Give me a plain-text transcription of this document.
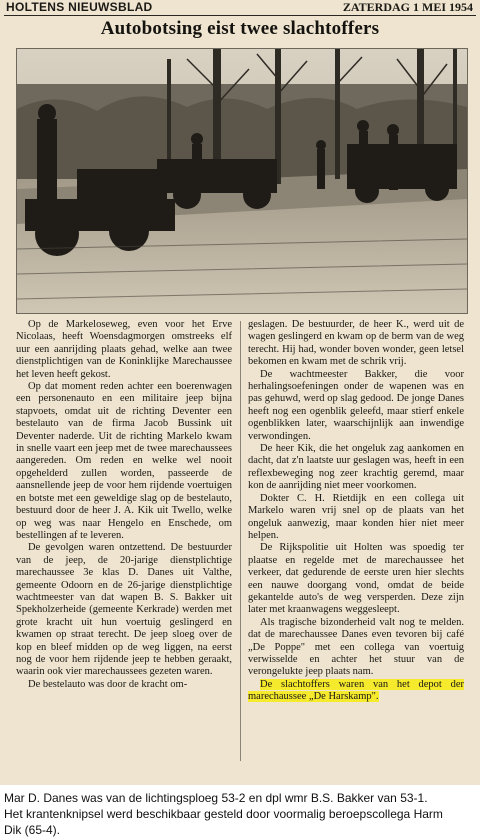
HOLTENS NIEUWSBLAD	ZATERDAG 1 MEI 1954
Autobotsing eist twee slachtoffers

Op de Markeloseweg, even voor het Erve Nicolaas, heeft Woensdagmorgen omstreeks elf uur een aanrijding plaats gehad, welke aan twee dienstplichtigen van de Koninklijke Marechaussee het leven heeft gekost.

Op dat moment reden achter een boerenwagen een personenauto en een militaire jeep bijna stapvoets, omdat uit de richting Deventer een bestelauto van de firma Jacob Bussink uit Deventer naderde. Uit de richting Markelo kwam in snelle vaart een jeep met de twee marechaussees aangereden. Om reden en welke wel nooit opgehelderd zullen worden, passeerde de aansnellende jeep de voor hem rijdende voertuigen en botste met een geweldige slag op de bestelauto, bestuurd door de heer J. A. Kik uit Twello, welke op weg was naar Hengelo en Enschede, om bestellingen af te leveren.

De gevolgen waren ontzettend. De bestuurder van de jeep, de 20-jarige dienstplichtige marechaussee 3e klas D. Danes uit Valthe, gemeente Odoorn en de 26-jarige dienstplichtige wachtmeester van dat wapen B. S. Bakker uit Spekholzerheide (gemeente Kerkrade) werden met grote kracht uit hun voertuig geslingerd en kwamen op straat terecht. De jeep sloeg over de kop en bleef midden op de weg liggen, na eerst nog de voor hem rijdende jeep te hebben geraakt, waarin ook vier marechaussees gezeten waren.

De bestelauto was door de kracht om-

geslagen. De bestuurder, de heer K., werd uit de wagen geslingerd en kwam op de berm van de weg terecht. Hij had, wonder boven wonder, geen letsel bekomen en kwam met de schrik vrij.

De wachtmeester Bakker, die voor herhalingsoefeningen onder de wapenen was en pas gehuwd, werd op slag gedood. De jonge Danes heeft nog een ogenblik geleefd, maar stierf enkele ogenblikken later, waarschijnlijk aan inwendige verwondingen.

De heer Kik, die het ongeluk zag aankomen en dacht, dat z'n laatste uur geslagen was, heeft in een reflexbeweging nog zeer krachtig geremd, maar kon de aanrijding niet meer voorkomen.

Dokter C. H. Rietdijk en een collega uit Markelo waren vrij snel op de plaats van het ongeluk aanwezig, maar konden hier niet meer helpen.

De Rijkspolitie uit Holten was spoedig ter plaatse en regelde met de marechaussee het verkeer, dat gedurende de eerste uren hier slechts een nauwe doorgang vond, omdat de beide gekantelde auto's de weg versperden. Deze zijn later met kraanwagens weggesleept.

Als tragische bizonderheid valt nog te melden. dat de marechaussee Danes even tevoren bij café „De Poppe" met een collega van voertuig verwisselde en achter het stuur van de verongelukte jeep plaats nam.

De slachtoffers waren van het depot der marechaussee „De Harskamp".

Mar D. Danes was van de lichtingsploeg 53-2 en dpl wmr B.S. Bakker van 53-1.
Het krantenknipsel werd beschikbaar gesteld door voormalig beroepscollega Harm
Dik (65-4).
